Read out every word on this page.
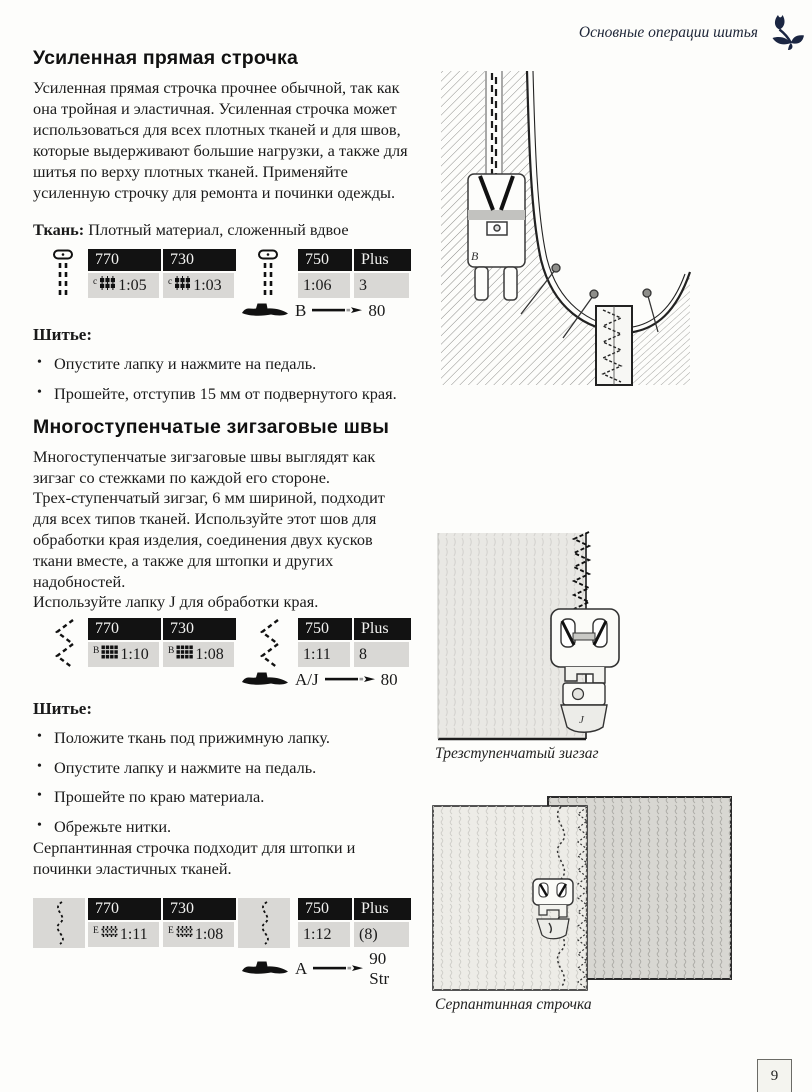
Основные операции шитья
Усиленная прямая строчка
Усиленная прямая строчка прочнее обычной, так как она тройная и эластичная. Усиленная строчка может использоваться для всех плотных тканей и для швов, которые выдерживают большие нагрузки, а также для шитья по верху плотных тканей. Применяйте усиленную строчку для ремонта и починки одежды.
Ткань: Плотный материал, сложенный вдвое
770
c 1:05
730
c 1:03
750
1:06
Plus
3
B	80
Шитье:
• Опустите лапку и нажмите на педаль.
• Прошейте, отступив 15 мм от подвернутого края.
Многоступенчатые зигзаговые швы
Многоступенчатые зигзаговые швы выглядят как зигзаг со стежками по каждой его стороне.
Трех-ступенчатый зигзаг, 6 мм шириной, подходит для всех типов тканей. Используйте этот шов для обработки края изделия, соединения двух кусков ткани вместе, а также для штопки и других надобностей.
Используйте лапку J для обработки края.
770
B 1:10
730
B 1:08
750
1:11
Plus
8
A/J	80
Шитье:
• Положите ткань под прижимную лапку.
• Опустите лапку и нажмите на педаль.
• Прошейте по краю материала.
• Обрежьте нитки.
Серпантинная строчка подходит для штопки и починки эластичных тканей.
770
E 1:11
730
E 1:08
750
1:12
Plus
(8)
A
90 Str
B
J
Трезступенчатый зигзаг
Серпантинная строчка
9
